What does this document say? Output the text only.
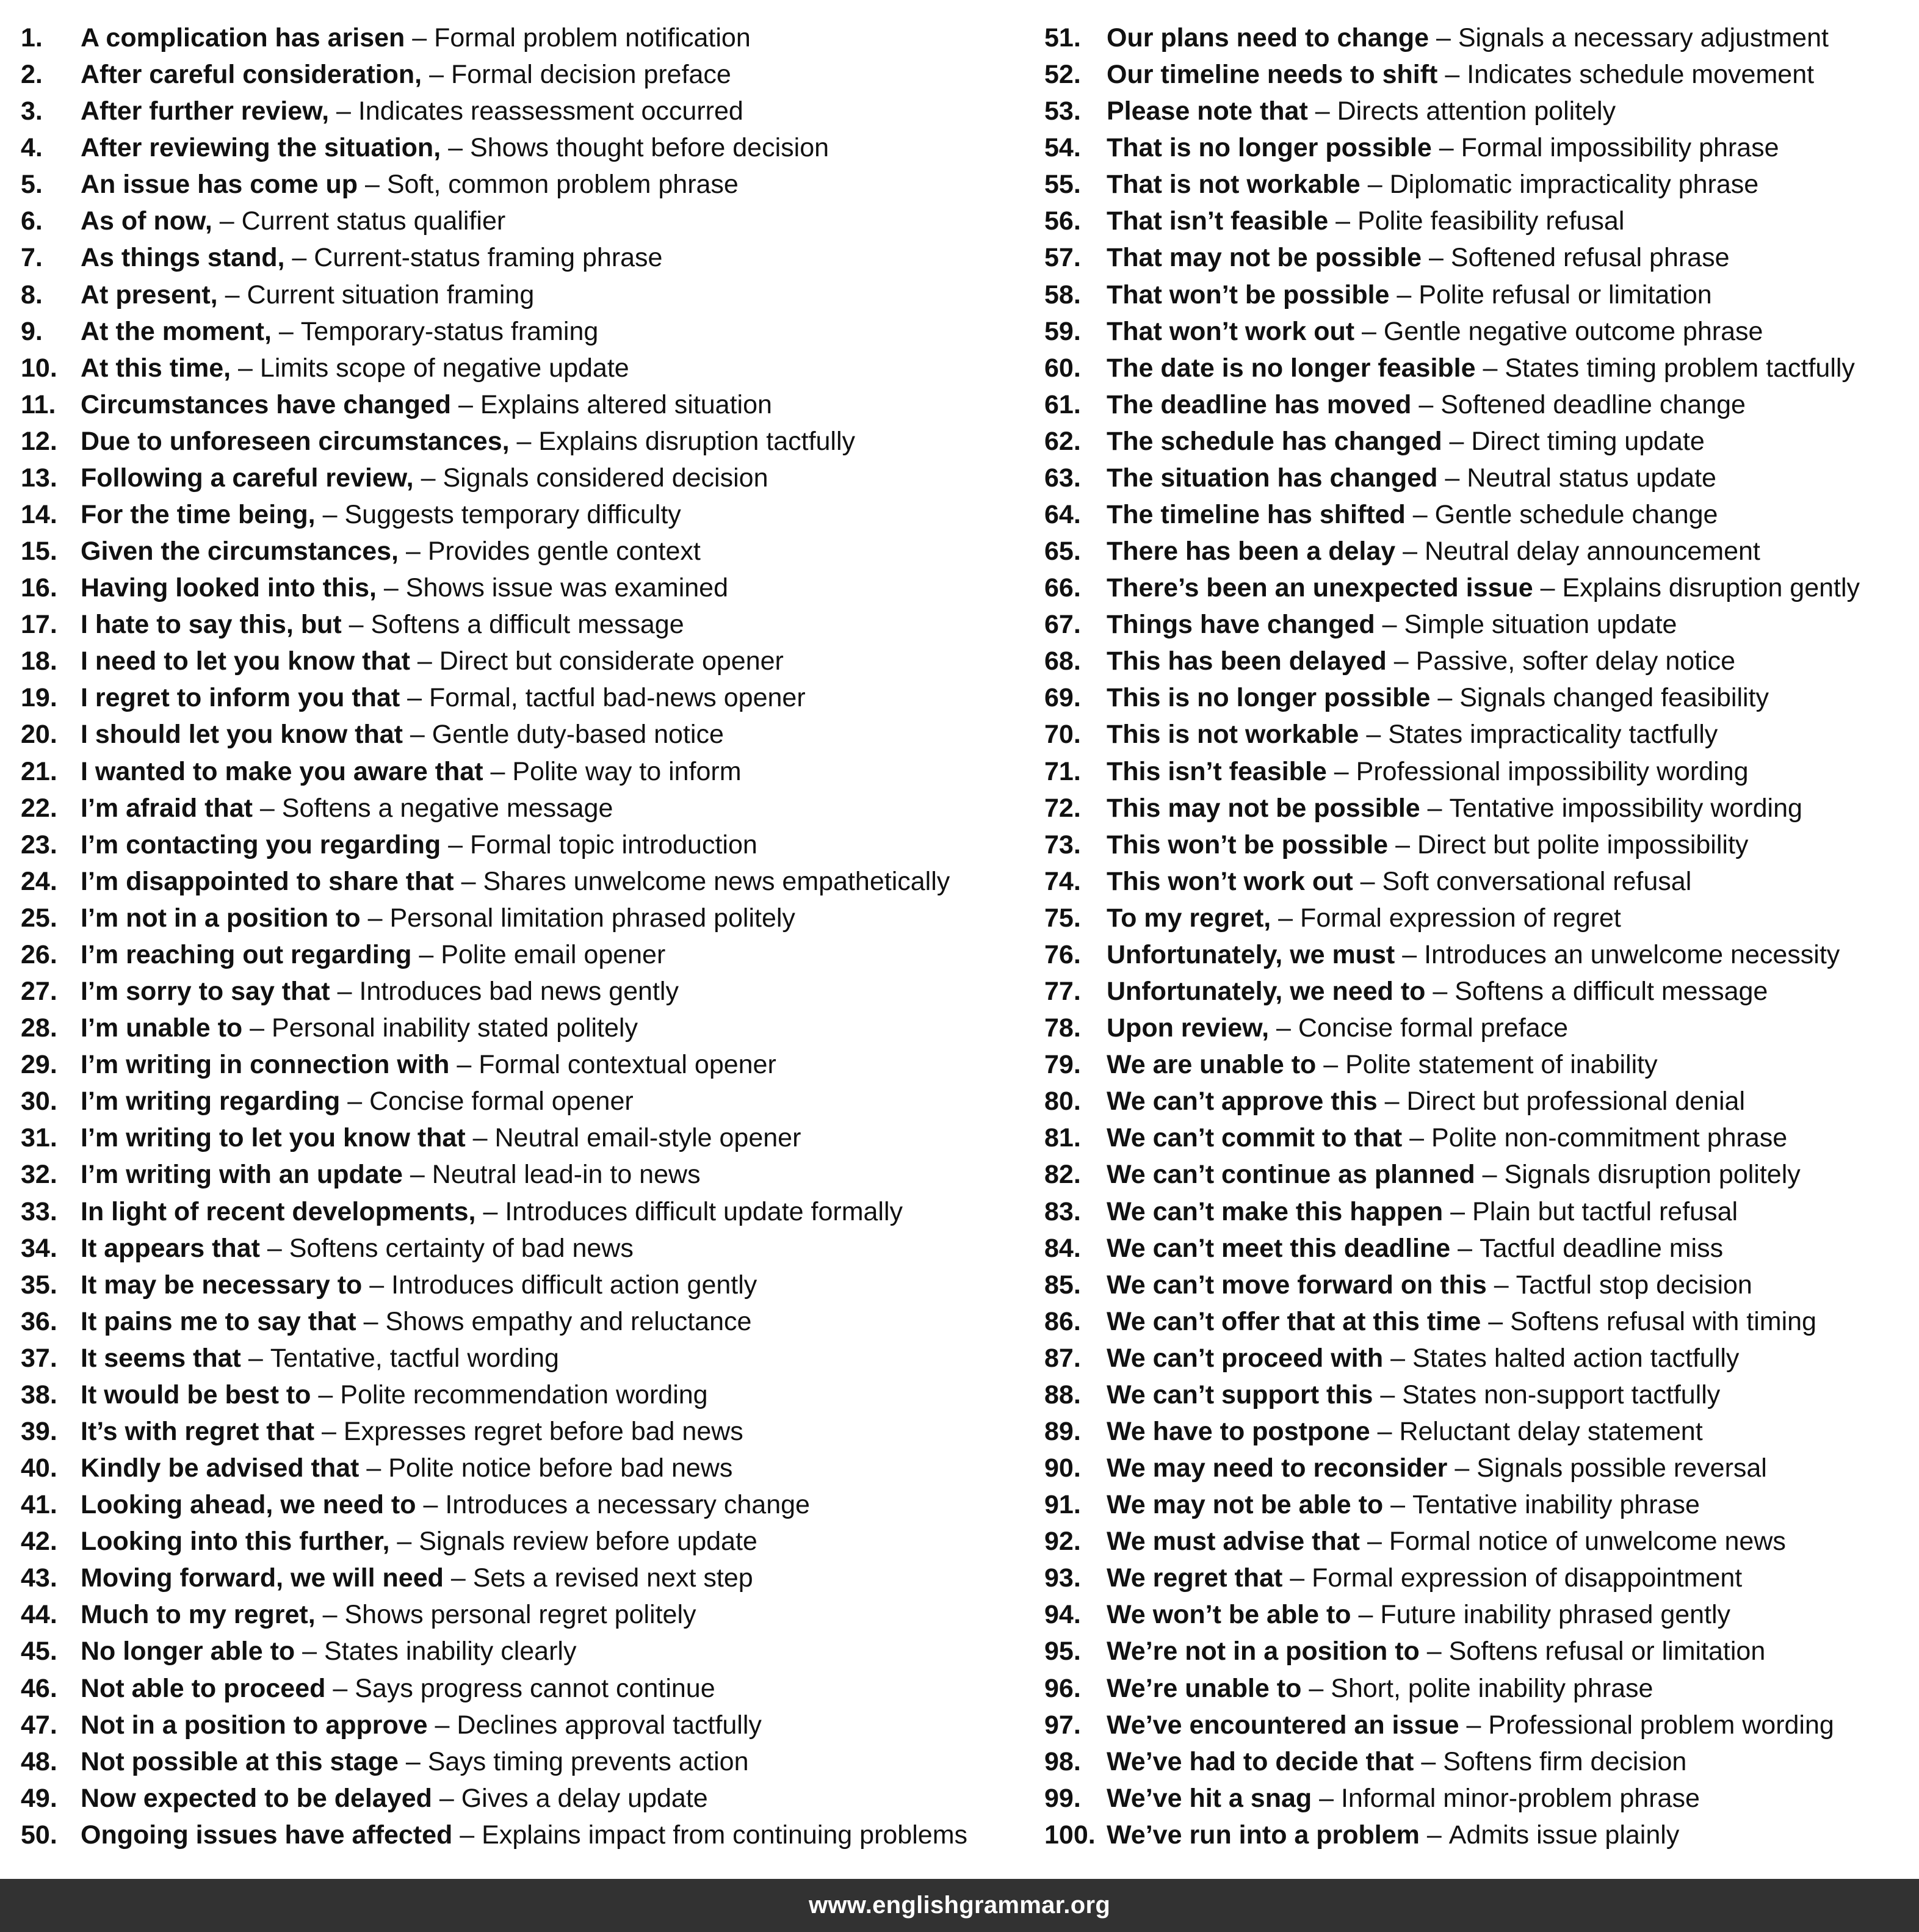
1.	A complication has arisen – Formal problem notification
2.	After careful consideration, – Formal decision preface
3.	After further review, – Indicates reassessment occurred
4.	After reviewing the situation, – Shows thought before decision
5.	An issue has come up – Soft, common problem phrase
6.	As of now, – Current status qualifier
7.	As things stand, – Current-status framing phrase
8.	At present, – Current situation framing
9.	At the moment, – Temporary-status framing
10. At this time, – Limits scope of negative update
11. Circumstances have changed – Explains altered situation
12. Due to unforeseen circumstances, – Explains disruption tactfully
13. Following a careful review, – Signals considered decision
14. For the time being, – Suggests temporary difficulty
15. Given the circumstances, – Provides gentle context
16. Having looked into this, – Shows issue was examined
17. I hate to say this, but – Softens a difficult message
18. I need to let you know that – Direct but considerate opener
19. I regret to inform you that – Formal, tactful bad-news opener
20. I should let you know that – Gentle duty-based notice
21. I wanted to make you aware that – Polite way to inform
22. I’m afraid that – Softens a negative message
23. I’m contacting you regarding – Formal topic introduction
24. I’m disappointed to share that – Shares unwelcome news empathetically
25. I’m not in a position to – Personal limitation phrased politely
26. I’m reaching out regarding – Polite email opener
27. I’m sorry to say that – Introduces bad news gently
28. I’m unable to – Personal inability stated politely
29. I’m writing in connection with – Formal contextual opener
30. I’m writing regarding – Concise formal opener
31. I’m writing to let you know that – Neutral email-style opener
32. I’m writing with an update – Neutral lead-in to news
33. In light of recent developments, – Introduces difficult update formally
34. It appears that – Softens certainty of bad news
35. It may be necessary to – Introduces difficult action gently
36. It pains me to say that – Shows empathy and reluctance
37. It seems that – Tentative, tactful wording
38. It would be best to – Polite recommendation wording
39. It’s with regret that – Expresses regret before bad news
40. Kindly be advised that – Polite notice before bad news
41. Looking ahead, we need to – Introduces a necessary change
42. Looking into this further, – Signals review before update
43. Moving forward, we will need – Sets a revised next step
44. Much to my regret, – Shows personal regret politely
45. No longer able to – States inability clearly
46. Not able to proceed – Says progress cannot continue
47. Not in a position to approve – Declines approval tactfully
48. Not possible at this stage – Says timing prevents action
49. Now expected to be delayed – Gives a delay update
50. Ongoing issues have affected – Explains impact from continuing problems
51. Our plans need to change – Signals a necessary adjustment
52. Our timeline needs to shift – Indicates schedule movement
53. Please note that – Directs attention politely
54. That is no longer possible – Formal impossibility phrase
55. That is not workable – Diplomatic impracticality phrase
56. That isn’t feasible – Polite feasibility refusal
57. That may not be possible – Softened refusal phrase
58. That won’t be possible – Polite refusal or limitation
59. That won’t work out – Gentle negative outcome phrase
60. The date is no longer feasible – States timing problem tactfully
61. The deadline has moved – Softened deadline change
62. The schedule has changed – Direct timing update
63. The situation has changed – Neutral status update
64. The timeline has shifted – Gentle schedule change
65. There has been a delay – Neutral delay announcement
66. There’s been an unexpected issue – Explains disruption gently
67. Things have changed – Simple situation update
68. This has been delayed – Passive, softer delay notice
69. This is no longer possible – Signals changed feasibility
70. This is not workable – States impracticality tactfully
71. This isn’t feasible – Professional impossibility wording
72. This may not be possible – Tentative impossibility wording
73. This won’t be possible – Direct but polite impossibility
74. This won’t work out – Soft conversational refusal
75. To my regret, – Formal expression of regret
76. Unfortunately, we must – Introduces an unwelcome necessity
77. Unfortunately, we need to – Softens a difficult message
78. Upon review, – Concise formal preface
79. We are unable to – Polite statement of inability
80. We can’t approve this – Direct but professional denial
81. We can’t commit to that – Polite non-commitment phrase
82. We can’t continue as planned – Signals disruption politely
83. We can’t make this happen – Plain but tactful refusal
84. We can’t meet this deadline – Tactful deadline miss
85. We can’t move forward on this – Tactful stop decision
86. We can’t offer that at this time – Softens refusal with timing
87. We can’t proceed with – States halted action tactfully
88. We can’t support this – States non-support tactfully
89. We have to postpone – Reluctant delay statement
90. We may need to reconsider – Signals possible reversal
91. We may not be able to – Tentative inability phrase
92. We must advise that – Formal notice of unwelcome news
93. We regret that – Formal expression of disappointment
94. We won’t be able to – Future inability phrased gently
95. We’re not in a position to – Softens refusal or limitation
96. We’re unable to – Short, polite inability phrase
97. We’ve encountered an issue – Professional problem wording
98. We’ve had to decide that – Softens firm decision
99. We’ve hit a snag – Informal minor-problem phrase
100. We’ve run into a problem – Admits issue plainly
www.englishgrammar.org
